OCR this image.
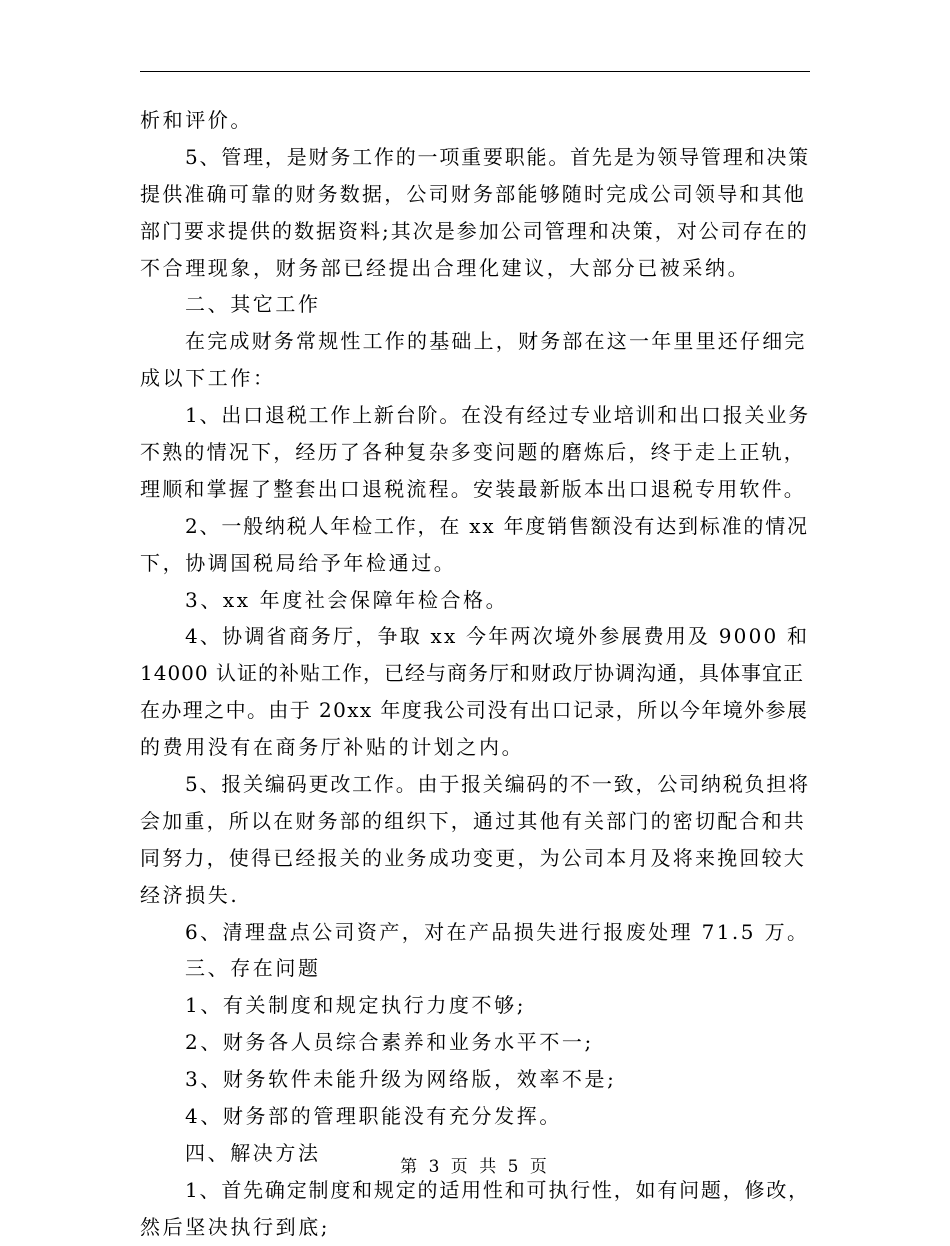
析和评价。
5、管理，是财务工作的一项重要职能。首先是为领导管理和决策
提供准确可靠的财务数据，公司财务部能够随时完成公司领导和其他
部门要求提供的数据资料;其次是参加公司管理和决策，对公司存在的
不合理现象，财务部已经提出合理化建议，大部分已被采纳。
二、其它工作
在完成财务常规性工作的基础上，财务部在这一年里里还仔细完
成以下工作：
1、出口退税工作上新台阶。在没有经过专业培训和出口报关业务
不熟的情况下，经历了各种复杂多变问题的磨炼后，终于走上正轨，
理顺和掌握了整套出口退税流程。安装最新版本出口退税专用软件。
2、一般纳税人年检工作，在 xx 年度销售额没有达到标准的情况
下，协调国税局给予年检通过。
3、xx 年度社会保障年检合格。
4、协调省商务厅，争取 xx 今年两次境外参展费用及 9000 和
14000 认证的补贴工作，已经与商务厅和财政厅协调沟通，具体事宜正
在办理之中。由于 20xx 年度我公司没有出口记录，所以今年境外参展
的费用没有在商务厅补贴的计划之内。
5、报关编码更改工作。由于报关编码的不一致，公司纳税负担将
会加重，所以在财务部的组织下，通过其他有关部门的密切配合和共
同努力，使得已经报关的业务成功变更，为公司本月及将来挽回较大
经济损失.
6、清理盘点公司资产，对在产品损失进行报废处理 71.5 万。
三、存在问题
1、有关制度和规定执行力度不够;
2、财务各人员综合素养和业务水平不一;
3、财务软件未能升级为网络版，效率不是;
4、财务部的管理职能没有充分发挥。
四、解决方法
1、首先确定制度和规定的适用性和可执行性，如有问题，修改，
然后坚决执行到底;
第 3 页 共 5 页
